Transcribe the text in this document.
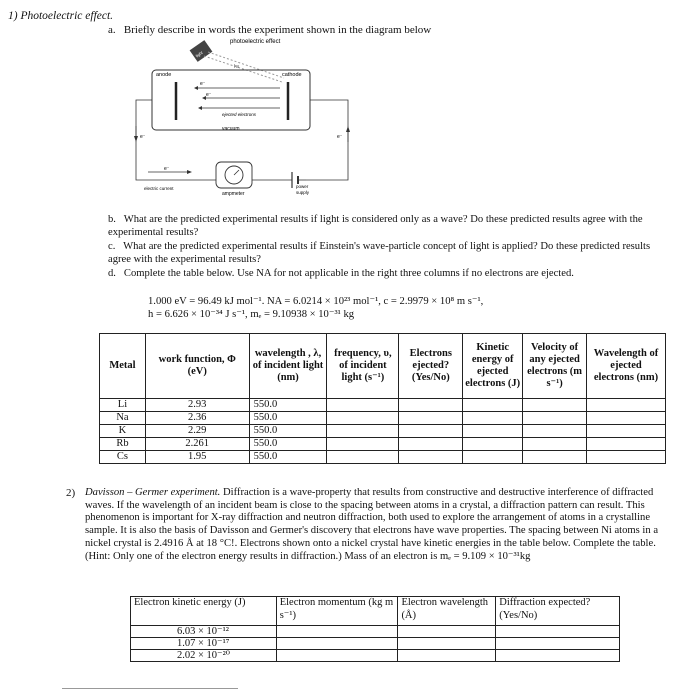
1) Photoelectric effect.
a. Briefly describe in words the experiment shown in the diagram below
photoelectric effect
light
hν
anode	cathode
e⁻
e⁻
ejected electrons
vacuum
e⁻	e⁻
e⁻
electric current
ampmeter
power
supply
b. What are the predicted experimental results if light is considered only as a wave? Do these predicted results agree with the experimental results?
c. What are the predicted experimental results if Einstein's wave-particle concept of light is applied? Do these predicted results agree with the experimental results?
d. Complete the table below. Use NA for not applicable in the right three columns if no electrons are ejected.
1.000 eV = 96.49 kJ mol⁻¹. NA = 6.0214 × 10²³ mol⁻¹, c = 2.9979 × 10⁸ m s⁻¹,
h = 6.626 × 10⁻³⁴ J s⁻¹, mₑ = 9.10938 × 10⁻³¹ kg
Metal	work function, Φ (eV)	wavelength , λ, of incident light (nm)	frequency, υ, of incident light (s⁻¹)	Electrons ejected? (Yes/No)	Kinetic energy of ejected electrons (J)	Velocity of any ejected electrons (m s⁻¹)	Wavelength of ejected electrons (nm)
Li	2.93	550.0					
Na	2.36	550.0					
K	2.29	550.0					
Rb	2.261	550.0					
Cs	1.95	550.0					
2) Davisson – Germer experiment. Diffraction is a wave-property that results from constructive and destructive interference of diffracted waves. If the wavelength of an incident beam is close to the spacing between atoms in a crystal, a diffraction pattern can result. This phenomenon is important for X-ray diffraction and neutron diffraction, both used to explore the arrangement of atoms in a crystalline sample. It is also the basis of Davisson and Germer's discovery that electrons have wave properties. The spacing between Ni atoms in a nickel crystal is 2.4916 Å at 18 °C!. Electrons shown onto a nickel crystal have kinetic energies in the table below. Complete the table. (Hint: Only one of the electron energy results in diffraction.) Mass of an electron is mₑ = 9.109 × 10⁻³¹kg
Electron kinetic energy (J)	Electron momentum (kg m s⁻¹)	Electron wavelength (Å)	Diffraction expected? (Yes/No)
6.03 × 10⁻¹²			
1.07 × 10⁻¹⁷			
2.02 × 10⁻²⁰			
